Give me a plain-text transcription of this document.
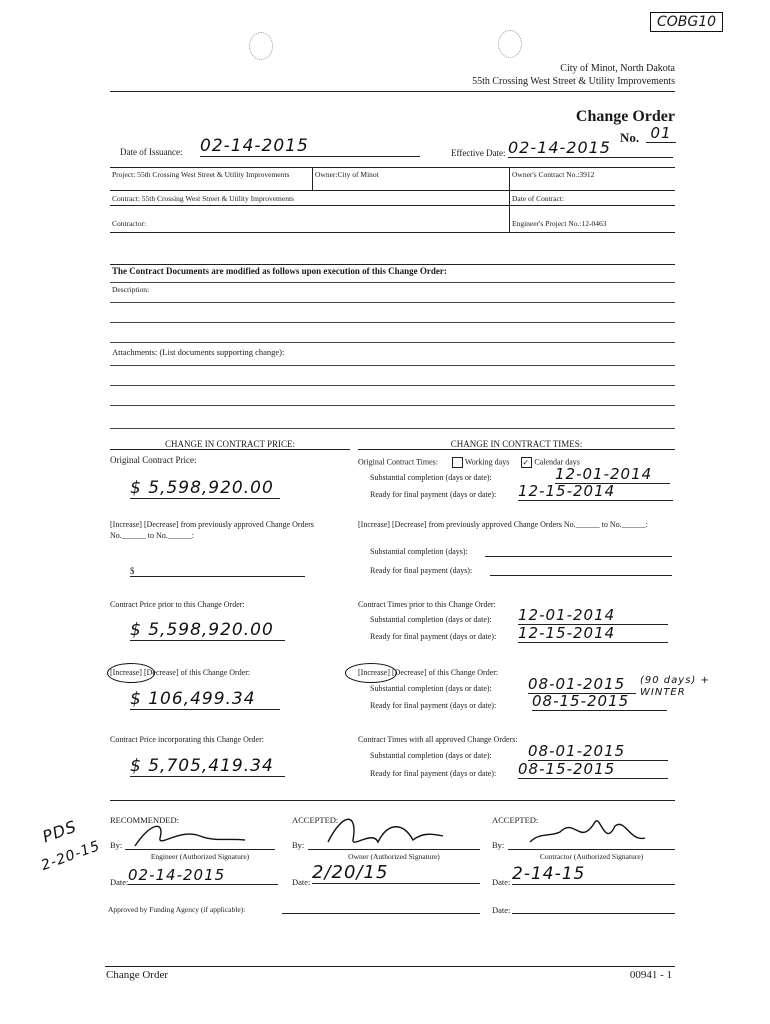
COBG10
City of Minot, North Dakota
55th Crossing West Street & Utility Improvements
Change Order
No. 01
Date of Issuance: 02-14-2015	Effective Date: 02-14-2015
Project: 55th Crossing West Street & Utility Improvements	Owner:City of Minot	Owner's Contract No.:3912
Contract: 55th Crossing West Street & Utility Improvements	Date of Contract:
Contractor:	Engineer's Project No.:12-0463
The Contract Documents are modified as follows upon execution of this Change Order:
Description:
Attachments: (List documents supporting change):
CHANGE IN CONTRACT PRICE:
Original Contract Price:
$ 5,598,920.00
[Increase] [Decrease] from previously approved Change Orders No.______ to No.______:
$
Contract Price prior to this Change Order:
$ 5,598,920.00
[Increase] [Decrease] of this Change Order:
$ 106,499.34
Contract Price incorporating this Change Order:
$ 5,705,419.34
CHANGE IN CONTRACT TIMES:
Original Contract Times:	Working days ✓ Calendar days
Substantial completion (days or date):	12-01-2014
Ready for final payment (days or date): 12-15-2014
[Increase] [Decrease] from previously approved Change Orders No.______ to No.______:
Substantial completion (days):
Ready for final payment (days):
Contract Times prior to this Change Order:
Substantial completion (days or date): 12-01-2014
Ready for final payment (days or date): 12-15-2014
[Increase] [Decrease] of this Change Order:
Substantial completion (days or date): 08-01-2015	(90 days) + WINTER
Ready for final payment (days or date): 08-15-2015
Contract Times with all approved Change Orders:
Substantial completion (days or date): 08-01-2015
Ready for final payment (days or date): 08-15-2015
PDS
2-20-15
RECOMMENDED:	ACCEPTED:	ACCEPTED:
By:
Engineer (Authorized Signature)
By:
Owner (Authorized Signature)
By:
Contractor (Authorized Signature)
Date: 02-14-2015	Date: 2/20/15	Date: 2-14-15
Approved by Funding Agency (if applicable):	Date:
Change Order	00941 - 1
